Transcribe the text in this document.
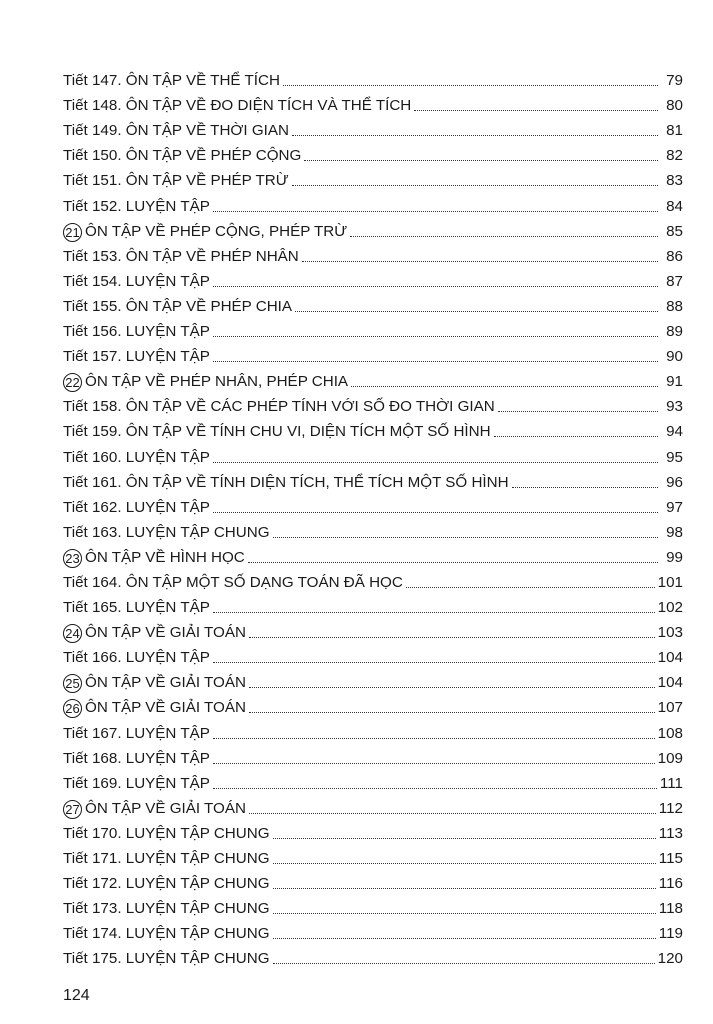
Tiết 147. ÔN TẬP VỀ THỂ TÍCH	79
Tiết 148. ÔN TẬP VỀ ĐO DIỆN TÍCH VÀ THỂ TÍCH	80
Tiết 149. ÔN TẬP VỀ THỜI GIAN	81
Tiết 150. ÔN TẬP VỀ PHÉP CỘNG	82
Tiết 151. ÔN TẬP VỀ PHÉP TRỪ	83
Tiết 152. LUYỆN TẬP	84
21 ÔN TẬP VỀ PHÉP CỘNG, PHÉP TRỪ	85
Tiết 153. ÔN TẬP VỀ PHÉP NHÂN	86
Tiết 154. LUYỆN TẬP	87
Tiết 155. ÔN TẬP VỀ PHÉP CHIA	88
Tiết 156. LUYỆN TẬP	89
Tiết 157. LUYỆN TẬP	90
22 ÔN TẬP VỀ PHÉP NHÂN, PHÉP CHIA	91
Tiết 158. ÔN TẬP VỀ CÁC PHÉP TÍNH VỚI SỐ ĐO THỜI GIAN	93
Tiết 159. ÔN TẬP VỀ TÍNH CHU VI, DIỆN TÍCH MỘT SỐ HÌNH	94
Tiết 160. LUYỆN TẬP	95
Tiết 161. ÔN TẬP VỀ TÍNH DIỆN TÍCH, THỂ TÍCH MỘT SỐ HÌNH	96
Tiết 162. LUYỆN TẬP	97
Tiết 163. LUYỆN TẬP CHUNG	98
23 ÔN TẬP VỀ HÌNH HỌC	99
Tiết 164. ÔN TẬP MỘT SỐ DẠNG TOÁN ĐÃ HỌC	101
Tiết 165. LUYỆN TẬP	102
24 ÔN TẬP VỀ GIẢI TOÁN	103
Tiết 166. LUYỆN TẬP	104
25 ÔN TẬP VỀ GIẢI TOÁN	104
26 ÔN TẬP VỀ GIẢI TOÁN	107
Tiết 167. LUYỆN TẬP	108
Tiết 168. LUYỆN TẬP	109
Tiết 169. LUYỆN TẬP	111
27 ÔN TẬP VỀ GIẢI TOÁN	112
Tiết 170. LUYỆN TẬP CHUNG	113
Tiết 171. LUYỆN TẬP CHUNG	115
Tiết 172. LUYỆN TẬP CHUNG	116
Tiết 173. LUYỆN TẬP CHUNG	118
Tiết 174. LUYỆN TẬP CHUNG	119
Tiết 175. LUYỆN TẬP CHUNG	120
124
